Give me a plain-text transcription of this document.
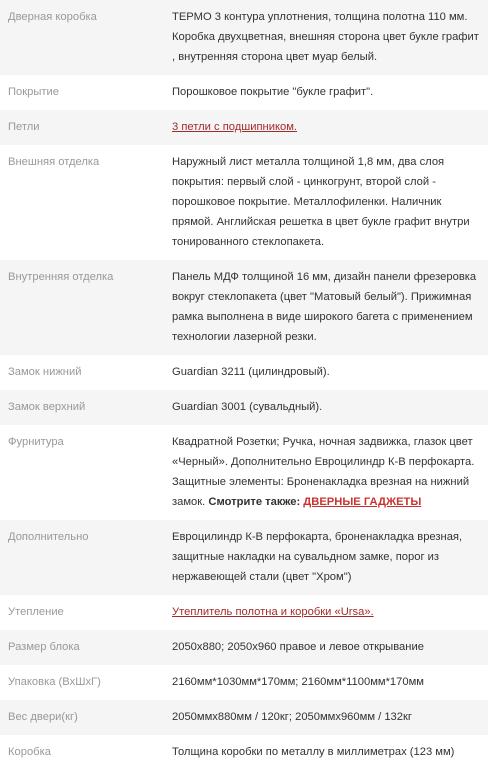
Дверная коробка	ТЕРМО 3 контура уплотнения, толщина полотна 110 мм. Коробка двухцветная, внешняя сторона цвет букле графит , внутренняя сторона цвет муар белый.
Покрытие	Порошковое покрытие "букле графит".
Петли	3 петли с подшипником.
Внешняя отделка	Наружный лист металла толщиной 1,8 мм, два слоя покрытия: первый слой - цинкогрунт, второй слой - порошковое покрытие. Металлофиленки. Наличник прямой. Английская решетка в цвет букле графит внутри тонированного стеклопакета.
Внутренняя отделка	Панель МДФ толщиной 16 мм, дизайн панели фрезеровка вокруг стеклопакета (цвет "Матовый белый"). Прижимная рамка выполнена в виде широкого багета с применением технологии лазерной резки.
Замок нижний	Guardian 3211 (цилиндровый).
Замок верхний	Guardian 3001 (сувальдный).
Фурнитура	Квадратной Розетки; Ручка, ночная задвижка, глазок цвет «Черный». Дополнительно Евроцилиндр К-В перфокарта. Защитные элементы: Броненакладка врезная на нижний замок. Смотрите также: ДВЕРНЫЕ ГАДЖЕТЫ
Дополнительно	Евроцилиндр К-В перфокарта, броненакладка врезная, защитные накладки на сувальдном замке, порог из нержавеющей стали (цвет "Хром")
Утепление	Утеплитель полотна и коробки «Ursa».
Размер блока	2050х880; 2050х960 правое и левое открывание
Упаковка (ВхШхГ)	2160мм*1030мм*170мм; 2160мм*1100мм*170мм
Вес двери(кг)	2050ммх880мм / 120кг; 2050ммх960мм / 132кг
Коробка	Толщина коробки по металлу в миллиметрах (123 мм)
